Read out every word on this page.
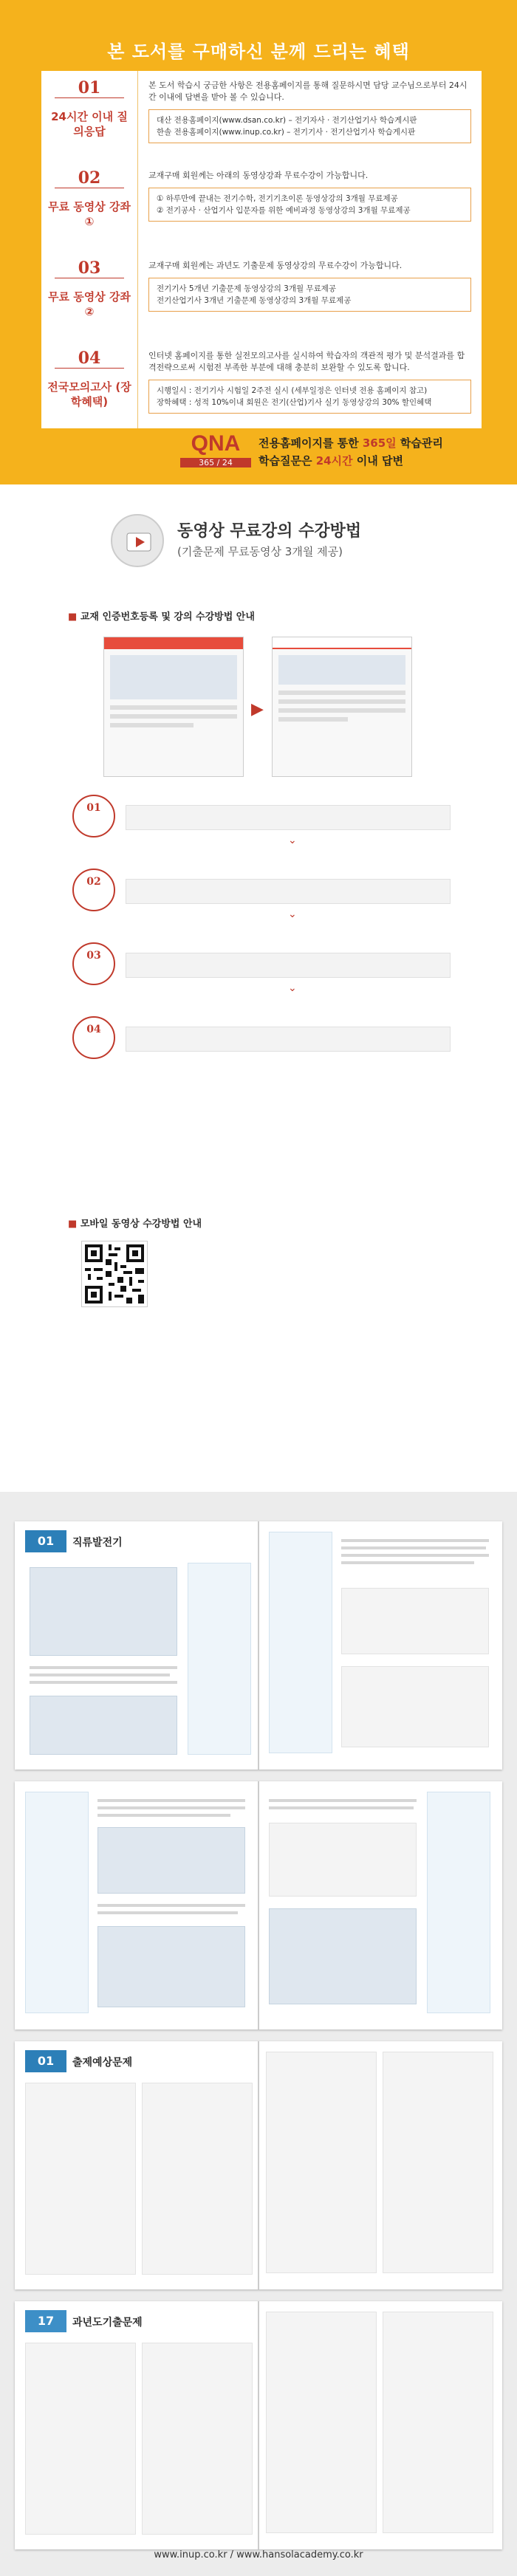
본 도서를 구매하신 분께 드리는 혜택
01
24시간 이내 질의응답

본 도서 학습시 궁금한 사항은 전용홈페이지를 통해 질문하시면 담당 교수님으로부터 24시간 이내에 답변을 받아 볼 수 있습니다.

대산 전용홈페이지(www.dsan.co.kr) – 전기자사 · 전기산업기사 학습게시판
한솔 전용홈페이지(www.inup.co.kr) – 전기기사 · 전기산업기사 학습게시판
02
무료 동영상 강좌 ①

교재구매 회원께는 아래의 동영상강좌 무료수강이 가능합니다.

① 하루만에 끝내는 전기수학, 전기기초이론 동영상강의 3개월 무료제공
② 전기공사 · 산업기사 입문자를 위한 예비과정 동영상강의 3개월 무료제공
03
무료 동영상 강좌 ②

교재구매 회원께는 과년도 기출문제 동영상강의 무료수강이 가능합니다.

전기기사 5개년 기출문제 동영상강의 3개월 무료제공
전기산업기사 3개년 기출문제 동영상강의 3개월 무료제공
04
전국모의고사 (장학혜택)

인터넷 홈페이지를 통한 실전모의고사를 실시하여 학습자의 객관적 평가 및 분석결과를 합격전략으로써 시험전 부족한 부분에 대해 충분히 보완할 수 있도록 합니다.

시행일시 : 전기기사 시험일 2주전 실시 (세부일정은 인터넷 전용 홈페이지 참고)
장학혜택 : 성적 10%이내 회원은 전기(산업)기사 실기 동영상강의 30% 할인혜택
QNA
365 / 24
전용홈페이지를 통한 365일 학습관리
학습질문은 24시간 이내 답변
동영상 무료강의 수강방법
(기출문제 무료동영상 3개월 제공)
■ 교재 인증번호등록 및 강의 수강방법 안내
▶
01
⌄
02
⌄
03
⌄
04
■ 모바일 동영상 수강방법 안내
01	직류발전기
01	출제예상문제
17	과년도기출문제
www.inup.co.kr / www.hansolacademy.co.kr
